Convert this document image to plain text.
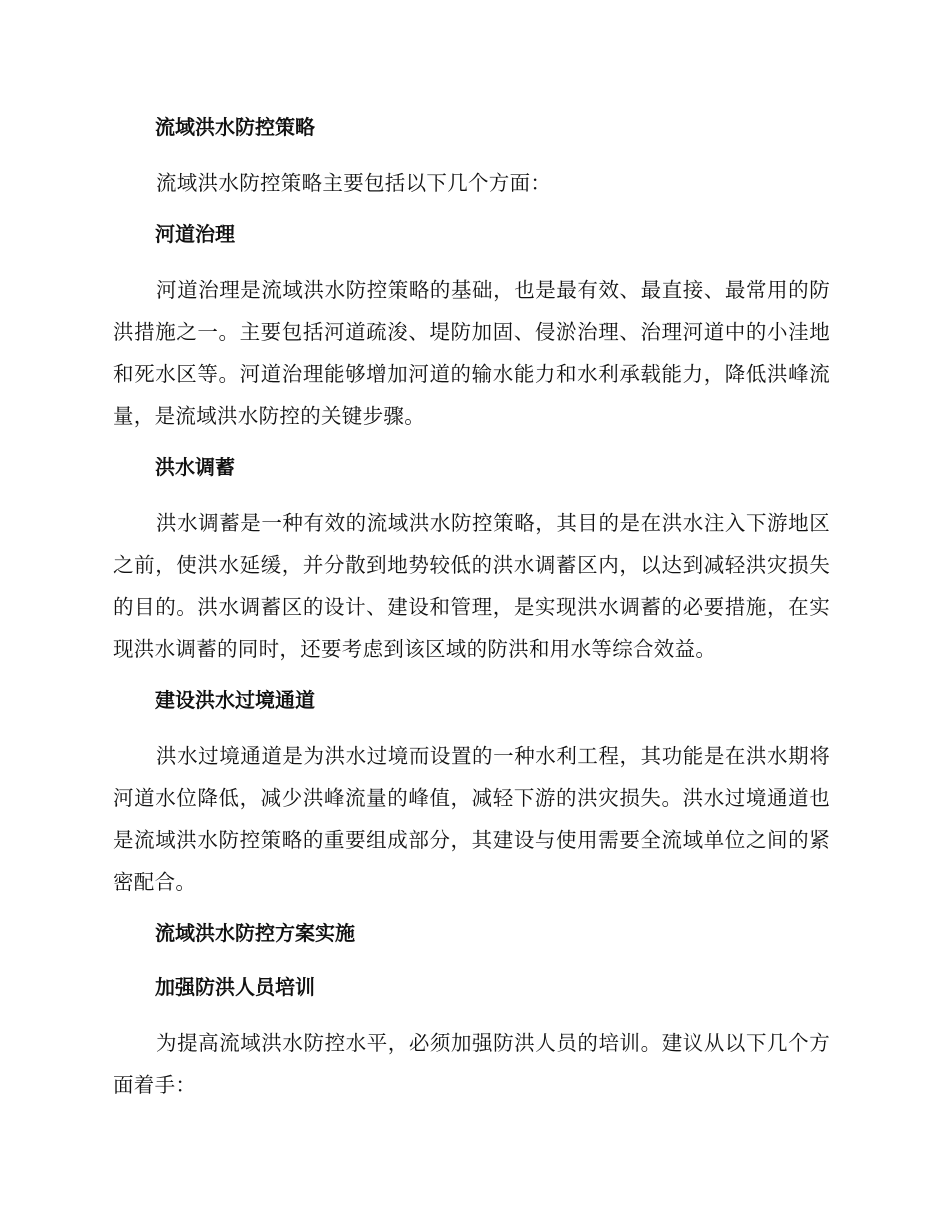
流域洪水防控策略

流域洪水防控策略主要包括以下几个方面：

河道治理

河道治理是流域洪水防控策略的基础，也是最有效、最直接、最常用的防洪措施之一。主要包括河道疏浚、堤防加固、侵淤治理、治理河道中的小洼地和死水区等。河道治理能够增加河道的输水能力和水利承载能力，降低洪峰流量，是流域洪水防控的关键步骤。

洪水调蓄

洪水调蓄是一种有效的流域洪水防控策略，其目的是在洪水注入下游地区之前，使洪水延缓，并分散到地势较低的洪水调蓄区内，以达到减轻洪灾损失的目的。洪水调蓄区的设计、建设和管理，是实现洪水调蓄的必要措施，在实现洪水调蓄的同时，还要考虑到该区域的防洪和用水等综合效益。

建设洪水过境通道

洪水过境通道是为洪水过境而设置的一种水利工程，其功能是在洪水期将河道水位降低，减少洪峰流量的峰值，减轻下游的洪灾损失。洪水过境通道也是流域洪水防控策略的重要组成部分，其建设与使用需要全流域单位之间的紧密配合。

流域洪水防控方案实施
加强防洪人员培训

为提高流域洪水防控水平，必须加强防洪人员的培训。建议从以下几个方面着手：
